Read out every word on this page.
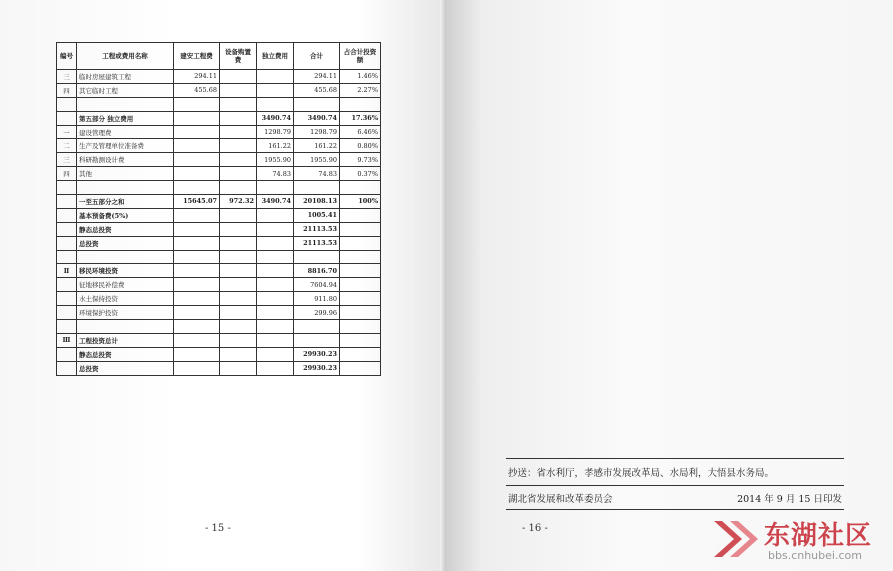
编号	工程或费用名称	建安工程费	设备购置费	独立费用	合计	占合计投资额
三	临时房屋建筑工程	294.11			294.11	1.46%
四	其它临时工程	455.68			455.68	2.27%

	第五部分 独立费用			3490.74	3490.74	17.36%
一	建设管理费			1298.79	1298.79	6.46%
二	生产及管理单位准备费			161.22	161.22	0.80%
三	科研勘测设计费			1955.90	1955.90	9.73%
四	其他			74.83	74.83	0.37%

	一至五部分之和	15645.07	972.32	3490.74	20108.13	100%
	基本预备费(5%)				1005.41	
	静态总投资				21113.53	
	总投资				21113.53	

Ⅱ	移民环境投资				8816.70	
	征地移民补偿费				7604.94	
	水土保持投资				911.80	
	环境保护投资				299.96	

Ⅲ	工程投资总计					
	静态总投资				29930.23	
	总投资				29930.23	
- 15 -	- 16 -
抄送：省水利厅，孝感市发展改革局、水局利，大悟县水务局。
湖北省发展和改革委员会	2014 年 9 月 15 日印发
东湖社区
bbs.cnhubei.com
